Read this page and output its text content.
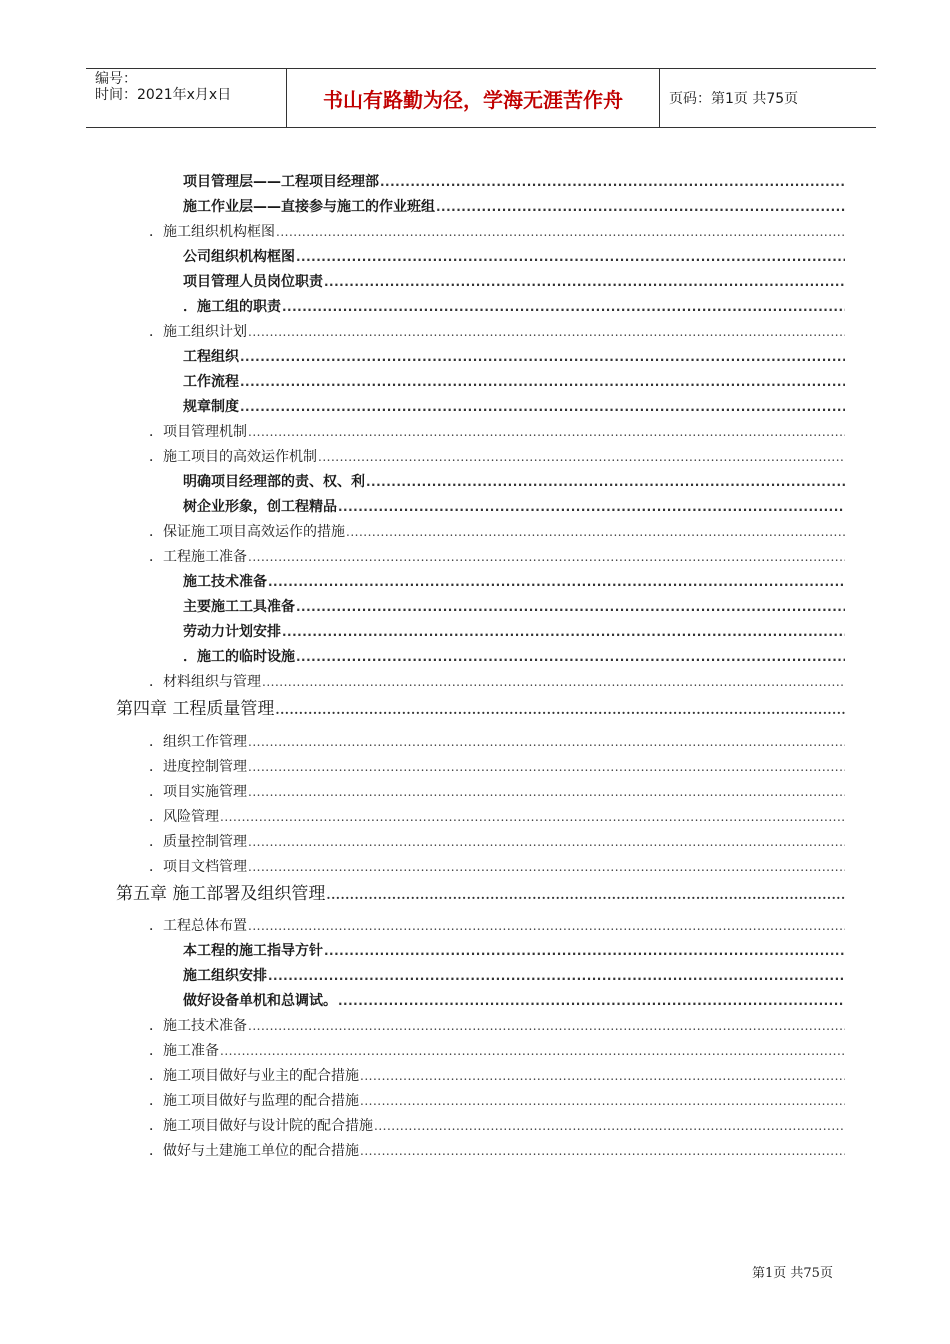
编号：
时间：2021年x月x日	书山有路勤为径，学海无涯苦作舟	页码：第1页 共75页
项目管理层——工程项目经理部
.....
施工作业层——直接参与施工的作业班组
.....
．施工组织机构框图
.....
公司组织机构框图
.....
项目管理人员岗位职责
.....
．施工组的职责
.....
．施工组织计划
.....
工程组织
.....
工作流程
.....
规章制度
.....
．项目管理机制
.....
．施工项目的高效运作机制
.....
明确项目经理部的责、权、利
.....
树企业形象，创工程精品
.....
．保证施工项目高效运作的措施
.....
．工程施工准备
.....
施工技术准备
.....
主要施工工具准备
.....
劳动力计划安排
.....
．施工的临时设施
.....
．材料组织与管理
.....
第四章 工程质量管理
.....
．组织工作管理
.....
．进度控制管理
.....
．项目实施管理
.....
．风险管理
.....
．质量控制管理
.....
．项目文档管理
.....
第五章 施工部署及组织管理
.....
．工程总体布置
.....
本工程的施工指导方针
.....
施工组织安排
.....
做好设备单机和总调试。
.....
．施工技术准备
.....
．施工准备
.....
．施工项目做好与业主的配合措施
.....
．施工项目做好与监理的配合措施
.....
．施工项目做好与设计院的配合措施
.....
．做好与土建施工单位的配合措施
.....
第1页 共75页
